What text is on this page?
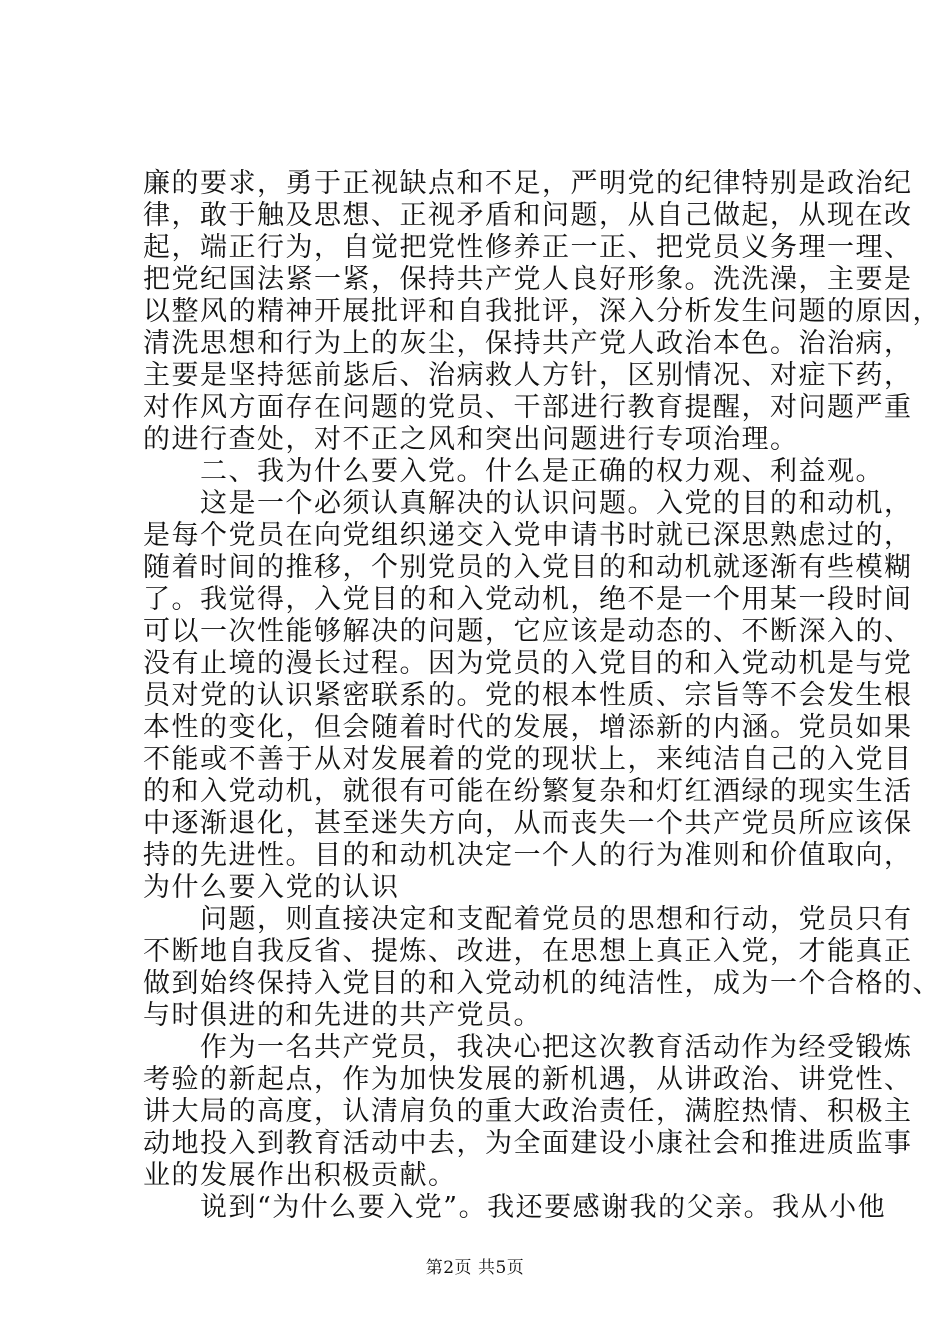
廉的要求，勇于正视缺点和不足，严明党的纪律特别是政治纪
律，敢于触及思想、正视矛盾和问题，从自己做起，从现在改
起，端正行为，自觉把党性修养正一正、把党员义务理一理、
把党纪国法紧一紧，保持共产党人良好形象。洗洗澡，主要是
以整风的精神开展批评和自我批评，深入分析发生问题的原因，
清洗思想和行为上的灰尘，保持共产党人政治本色。治治病，
主要是坚持惩前毖后、治病救人方针，区别情况、对症下药，
对作风方面存在问题的党员、干部进行教育提醒，对问题严重
的进行查处，对不正之风和突出问题进行专项治理。
　　二、我为什么要入党。什么是正确的权力观、利益观。
　　这是一个必须认真解决的认识问题。入党的目的和动机，
是每个党员在向党组织递交入党申请书时就已深思熟虑过的，
随着时间的推移，个别党员的入党目的和动机就逐渐有些模糊
了。我觉得，入党目的和入党动机，绝不是一个用某一段时间
可以一次性能够解决的问题，它应该是动态的、不断深入的、
没有止境的漫长过程。因为党员的入党目的和入党动机是与党
员对党的认识紧密联系的。党的根本性质、宗旨等不会发生根
本性的变化，但会随着时代的发展，增添新的内涵。党员如果
不能或不善于从对发展着的党的现状上，来纯洁自己的入党目
的和入党动机，就很有可能在纷繁复杂和灯红酒绿的现实生活
中逐渐退化，甚至迷失方向，从而丧失一个共产党员所应该保
持的先进性。目的和动机决定一个人的行为准则和价值取向，
为什么要入党的认识
　　问题，则直接决定和支配着党员的思想和行动，党员只有
不断地自我反省、提炼、改进，在思想上真正入党，才能真正
做到始终保持入党目的和入党动机的纯洁性，成为一个合格的、
与时俱进的和先进的共产党员。
　　作为一名共产党员，我决心把这次教育活动作为经受锻炼
考验的新起点，作为加快发展的新机遇，从讲政治、讲党性、
讲大局的高度，认清肩负的重大政治责任，满腔热情、积极主
动地投入到教育活动中去，为全面建设小康社会和推进质监事
业的发展作出积极贡献。
　　说到“为什么要入党”。我还要感谢我的父亲。我从小他
第2页 共5页
